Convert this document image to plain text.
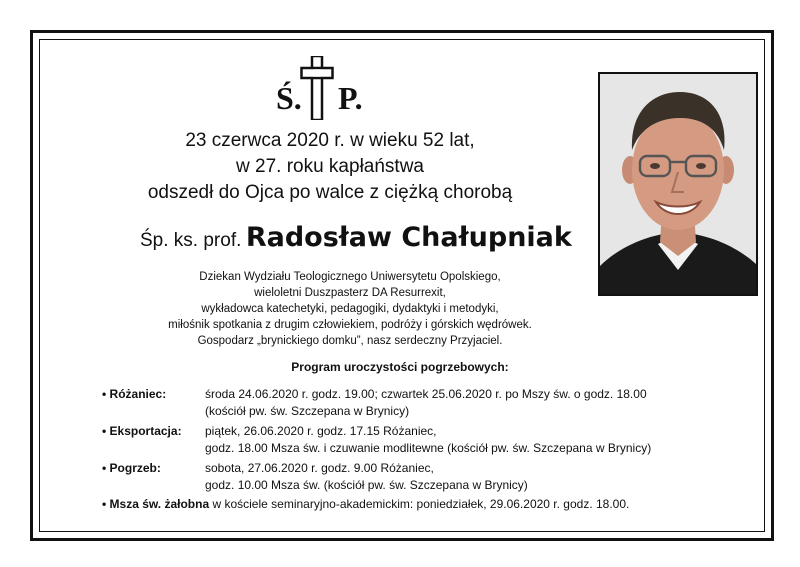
Ś. P.
23 czerwca 2020 r. w wieku 52 lat,
w 27. roku kapłaństwa
odszedł do Ojca po walce z ciężką chorobą
Śp. ks. prof. Radosław Chałupniak
Dziekan Wydziału Teologicznego Uniwersytetu Opolskiego,
wieloletni Duszpasterz DA Resurrexit,
wykładowca katechetyki, pedagogiki, dydaktyki i metodyki,
miłośnik spotkania z drugim człowiekiem, podróży i górskich wędrówek.
Gospodarz „brynickiego domku”, nasz serdeczny Przyjaciel.
Program uroczystości pogrzebowych:
• Różaniec:	środa 24.06.2020 r. godz. 19.00; czwartek 25.06.2020 r. po Mszy św. o godz. 18.00
(kościół pw. św. Szczepana w Brynicy)
• Eksportacja: piątek, 26.06.2020 r. godz. 17.15 Różaniec,
godz. 18.00 Msza św. i czuwanie modlitewne (kościół pw. św. Szczepana w Brynicy)
• Pogrzeb:	sobota, 27.06.2020 r. godz. 9.00 Różaniec,
godz. 10.00 Msza św. (kościół pw. św. Szczepana w Brynicy)
• Msza św. żałobna w kościele seminaryjno-akademickim: poniedziałek, 29.06.2020 r. godz. 18.00.
